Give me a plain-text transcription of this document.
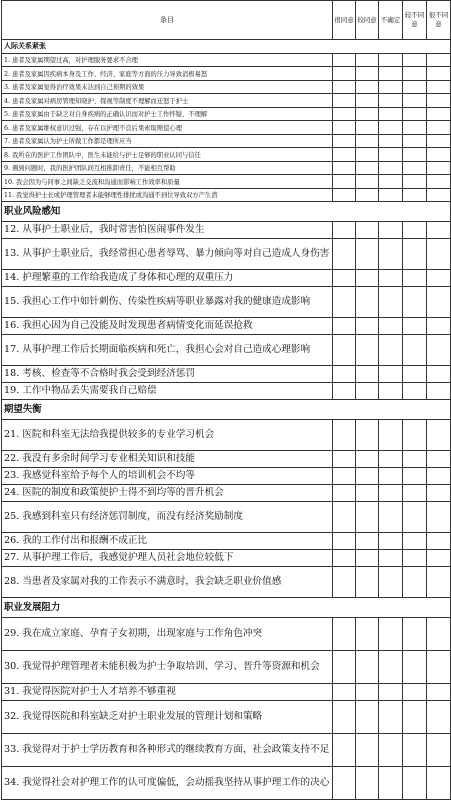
条目	很同意	较同意	不确定	较不同意	很不同意
人际关系紧张					
1. 患者及家属期望过高，对护理服务要求不合理					
2. 患者及家属因疾病本身及工作、经济、家庭等方面的压力导致消极易怒					
3. 患者及家属觉得治疗效果未达到自己预期的效果					
4. 患者及家属对病房管理知晓护、探视等制度不理解而迁怒于护士					
5. 患者及家属由于缺乏对自身疾病的正确认识而对护士工作怀疑、不理解					
6. 患者及家属维权意识过强，存在以护理不良后果索取赔偿心理					
7. 患者及家属认为护士所做工作都是理所应当					
8. 我所在的医护工作团队中，医生未能给与护士足够的职业认同与信任					
9. 遇到问题时，我的医护团队间互相推卸责任，不能相互帮助					
10. 我会因为与同事之间缺乏交流和沟通而影响工作效率和质量					
11. 我觉得护士长或护理管理者未能够理性排扰或沟通不到位导致双方产生潜					
职业风险感知					
12. 从事护士职业后，我时常害怕医闹事件发生					
13. 从事护士职业后，我经常担心患者辱骂、暴力倾向等对自己造成人身伤害					
14. 护理繁重的工作给我造成了身体和心理的双重压力					
15. 我担心工作中如针刺伤、传染性疾病等职业暴露对我的健康造成影响					
16. 我担心因为自己没能及时发现患者病情变化而延误抢救					
17. 从事护理工作后长期面临疾病和死亡，我担心会对自己造成心理影响					
18. 考核、检查等不合格时我会受到经济惩罚					
19. 工作中物品丢失需要我自己赔偿					
期望失衡					
21. 医院和科室无法给我提供较多的专业学习机会					
22. 我没有多余时间学习专业相关知识和技能					
23. 我感觉科室给予每个人的培训机会不均等					
24. 医院的制度和政策使护士得不到均等的晋升机会					
25. 我感到科室只有经济惩罚制度，而没有经济奖励制度					
26. 我的工作付出和报酬不成正比					
27. 从事护理工作后，我感觉护理人员社会地位较低下					
28. 当患者及家属对我的工作表示不满意时，我会缺乏职业价值感					
职业发展阻力					
29. 我在成立家庭、孕育子女初期，出现家庭与工作角色冲突					
30. 我觉得护理管理者未能积极为护士争取培训、学习、晋升等资源和机会					
31. 我觉得医院对护士人才培养不够重视					
32. 我觉得医院和科室缺乏对护士职业发展的管理计划和策略					
33. 我觉得对于护士学历教育和各种形式的继续教育方面，社会政策支持不足					
34. 我觉得社会对护理工作的认可度偏低，会动摇我坚持从事护理工作的决心					
